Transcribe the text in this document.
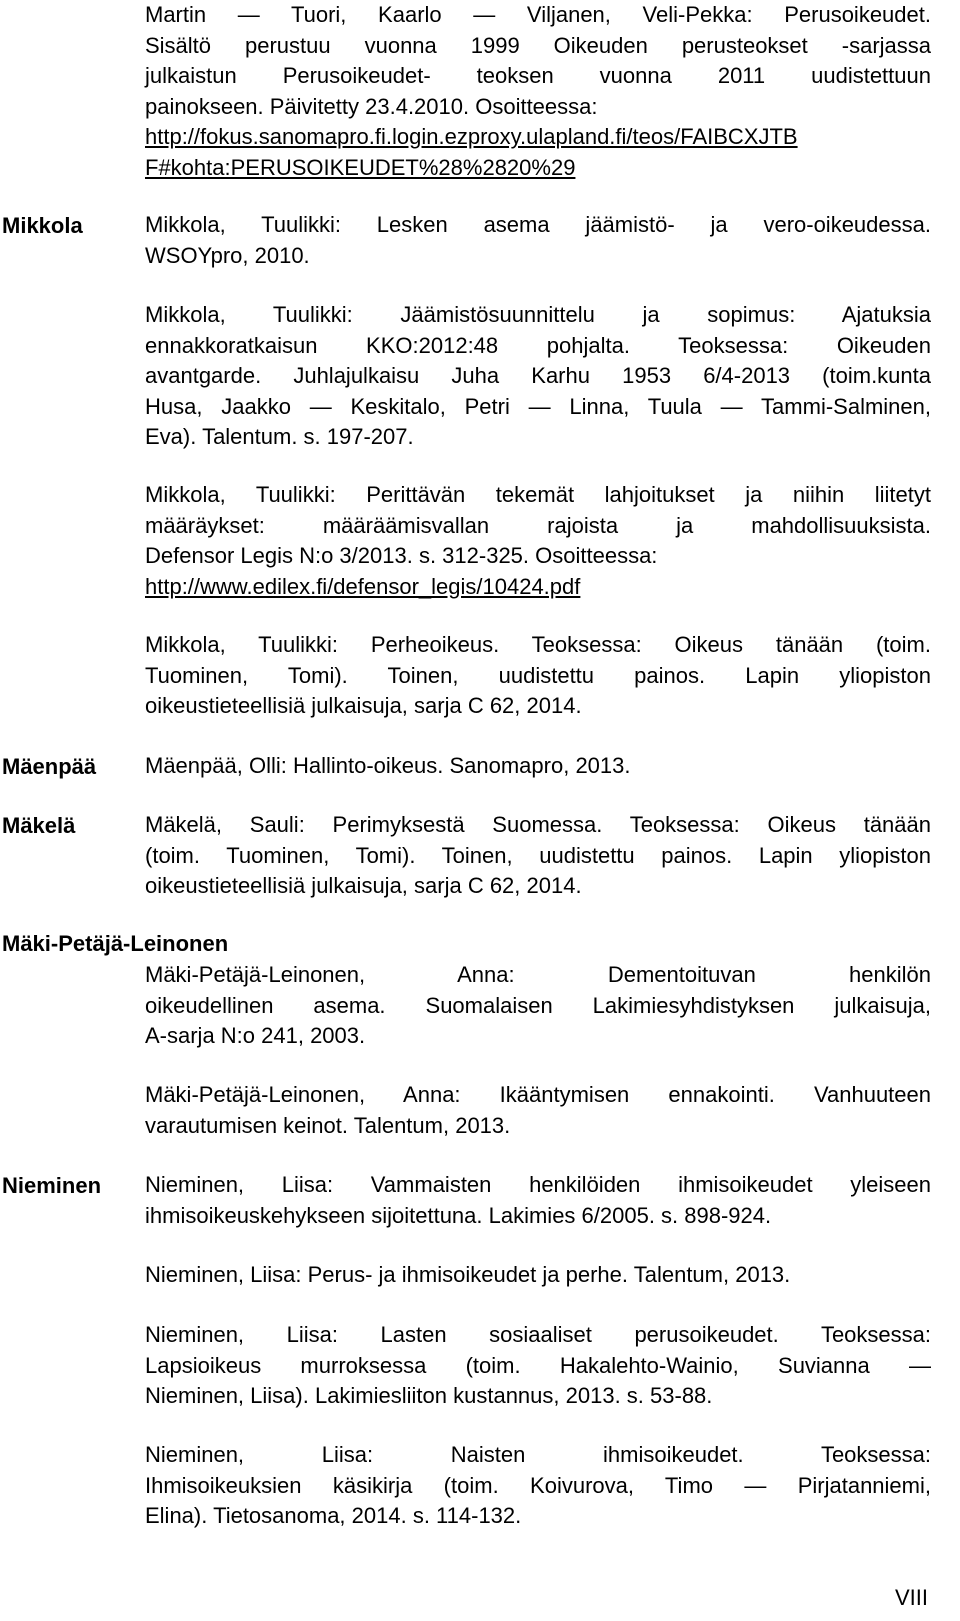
Martin — Tuori, Kaarlo — Viljanen, Veli-Pekka: Perusoikeudet.
Sisältö perustuu vuonna 1999 Oikeuden perusteokset -sarjassa
julkaistun Perusoikeudet- teoksen vuonna 2011 uudistettuun
painokseen. Päivitetty 23.4.2010. Osoitteessa:
http://fokus.sanomapro.fi.login.ezproxy.ulapland.fi/teos/FAIBCXJTB
F#kohta:PERUSOIKEUDET%28%2820%29
Mikkola	Mikkola, Tuulikki: Lesken asema jäämistö- ja vero-oikeudessa.
WSOYpro, 2010.
Mikkola, Tuulikki: Jäämistösuunnittelu ja sopimus: Ajatuksia
ennakkoratkaisun KKO:2012:48 pohjalta. Teoksessa: Oikeuden
avantgarde. Juhlajulkaisu Juha Karhu 1953 6/4-2013 (toim.kunta
Husa, Jaakko — Keskitalo, Petri — Linna, Tuula — Tammi-Salminen,
Eva). Talentum. s. 197-207.
Mikkola, Tuulikki: Perittävän tekemät lahjoitukset ja niihin liitetyt
määräykset: määräämisvallan rajoista ja mahdollisuuksista.
Defensor Legis N:o 3/2013. s. 312-325. Osoitteessa:
http://www.edilex.fi/defensor_legis/10424.pdf
Mikkola, Tuulikki: Perheoikeus. Teoksessa: Oikeus tänään (toim.
Tuominen, Tomi). Toinen, uudistettu painos. Lapin yliopiston
oikeustieteellisiä julkaisuja, sarja C 62, 2014.
Mäenpää Mäenpää, Olli: Hallinto-oikeus. Sanomapro, 2013.
Mäkelä	Mäkelä, Sauli: Perimyksestä Suomessa. Teoksessa: Oikeus tänään
(toim. Tuominen, Tomi). Toinen, uudistettu painos. Lapin yliopiston
oikeustieteellisiä julkaisuja, sarja C 62, 2014.
Mäki-Petäjä-Leinonen
Mäki-Petäjä-Leinonen, Anna: Dementoituvan henkilön
oikeudellinen asema. Suomalaisen Lakimiesyhdistyksen julkaisuja,
A-sarja N:o 241, 2003.
Mäki-Petäjä-Leinonen, Anna: Ikääntymisen ennakointi. Vanhuuteen
varautumisen keinot. Talentum, 2013.
Nieminen Nieminen, Liisa: Vammaisten henkilöiden ihmisoikeudet yleiseen
ihmisoikeuskehykseen sijoitettuna. Lakimies 6/2005. s. 898-924.
Nieminen, Liisa: Perus- ja ihmisoikeudet ja perhe. Talentum, 2013.
Nieminen, Liisa: Lasten sosiaaliset perusoikeudet. Teoksessa:
Lapsioikeus murroksessa (toim. Hakalehto-Wainio, Suvianna —
Nieminen, Liisa). Lakimiesliiton kustannus, 2013. s. 53-88.
Nieminen, Liisa: Naisten ihmisoikeudet. Teoksessa:
Ihmisoikeuksien käsikirja (toim. Koivurova, Timo — Pirjatanniemi,
Elina). Tietosanoma, 2014. s. 114-132.
VIII
